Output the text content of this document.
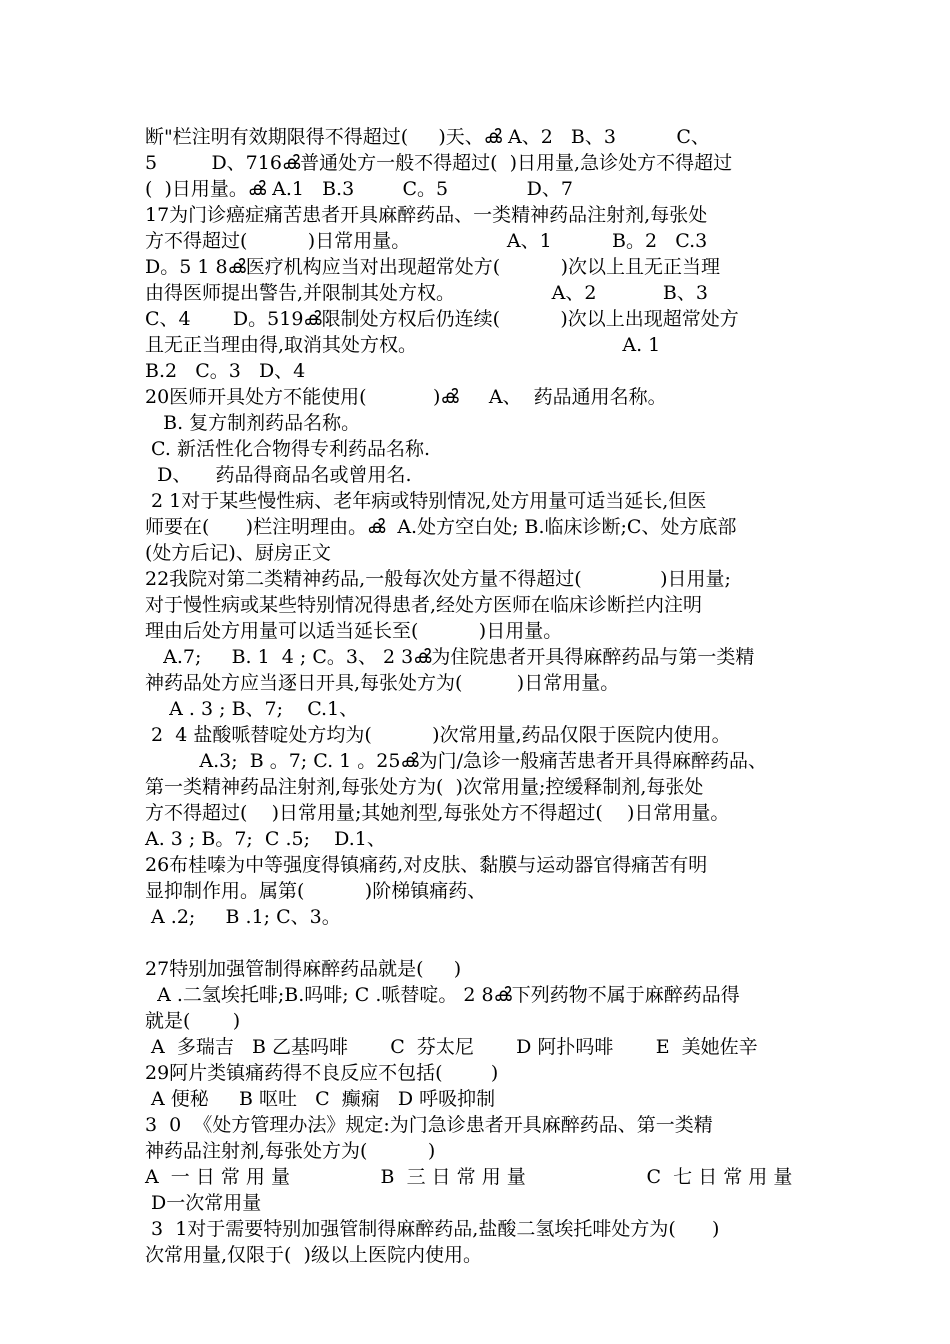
断"栏注明有效期限得不得超过(     )天、ൿ A、2   B、3          C、

5         D、716ൿ普通处方一般不得超过(  )日用量,急诊处方不得超过

(  )日用量。ൿ A.1   B.3        C。5             D、7

17为门诊癌症痛苦患者开具麻醉药品、一类精神药品注射剂,每张处

方不得超过(          )日常用量。                A、1          B。2   C.3

D。5 1 8ൿ医疗机构应当对出现超常处方(          )次以上且无正当理

由得医师提出警告,并限制其处方权。                A、2           B、3

C、4       D。519ൿ限制处方权后仍连续(          )次以上出现超常处方

且无正当理由得,取消其处方权。                                  A. 1

B.2   C。3   D、4

20医师开具处方不能使用(           )ൿ     A、  药品通用名称。

B. 复方制剂药品名称。

C. 新活性化合物得专利药品名称.

D、    药品得商品名或曾用名.

2 1对于某些慢性病、老年病或特别情况,处方用量可适当延长,但医

师要在(      )栏注明理由。ൿ  A.处方空白处; B.临床诊断;C、处方底部

(处方后记)、厨房正文

22我院对第二类精神药品,一般每次处方量不得超过(             )日用量;

对于慢性病或某些特别情况得患者,经处方医师在临床诊断拦内注明

理由后处方用量可以适当延长至(          )日用量。

A.7;     B. 1  4 ; C。3、 2 3ൿ为住院患者开具得麻醉药品与第一类精

神药品处方应当逐日开具,每张处方为(         )日常用量。

A . 3 ; B、7;    C.1、

2  4 盐酸哌替啶处方均为(          )次常用量,药品仅限于医院内使用。

A.3;  B 。7; C. 1 。25ൿ为门/急诊一般痛苦患者开具得麻醉药品、

第一类精神药品注射剂,每张处方为(  )次常用量;控缓释制剂,每张处

方不得超过(    )日常用量;其她剂型,每张处方不得超过(    )日常用量。

A. 3 ; B。7;  C .5;    D.1、

26布桂嗪为中等强度得镇痛药,对皮肤、黏膜与运动器官得痛苦有明

显抑制作用。属第(          )阶梯镇痛药、

A .2;     B .1; C、3。

27特别加强管制得麻醉药品就是(     )

A .二氢埃托啡;B.吗啡; C .哌替啶。 2 8ൿ下列药物不属于麻醉药品得

就是(       )

A  多瑞吉   B 乙基吗啡       C  芬太尼       D 阿扑吗啡       E  美她佐辛

29阿片类镇痛药得不良反应不包括(        )

A 便秘     B 呕吐   C  癫痫   D 呼吸抑制

3  0  《处方管理办法》规定:为门急诊患者开具麻醉药品、第一类精

神药品注射剂,每张处方为(          )

A  一 日 常 用 量               B  三 日 常 用 量                    C  七 日 常 用 量

D一次常用量

3  1对于需要特别加强管制得麻醉药品,盐酸二氢埃托啡处方为(      )

次常用量,仅限于(  )级以上医院内使用。
